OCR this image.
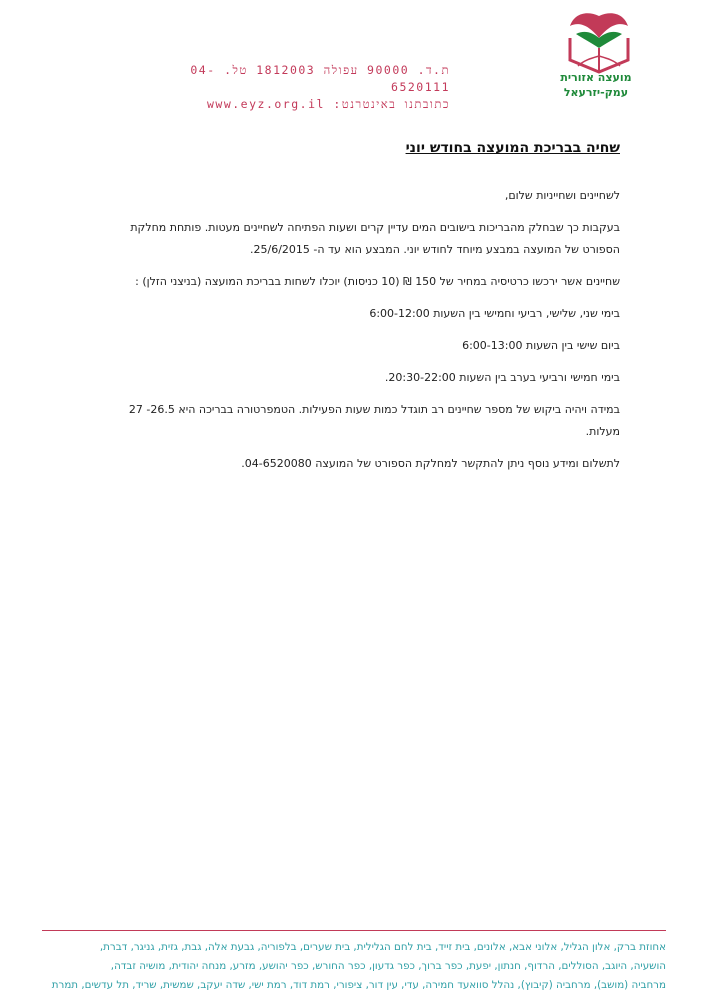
מועצה אזורית
עמק-יזרעאל
ת.ד. 90000 עפולה 1812003 טל. 04-6520111
כתובתנו באינטרנט: www.eyz.org.il
שחיה בבריכת המועצה בחודש יוני

לשחיינים ושחייניות שלום,

בעקבות כך שבחלק מהבריכות בישובים המים עדיין קרים ושעות הפתיחה לשחיינים מעטות. פותחת מחלקת הספורט של המועצה במבצע מיוחד לחודש יוני. המבצע הוא עד ה- 25/6/2015.

שחיינים אשר ירכשו כרטיסיה במחיר של 150 ₪ (10 כניסות) יוכלו לשחות בבריכת המועצה (בניצני הזלן) :

בימי שני, שלישי, רביעי וחמישי בין השעות 6:00-12:00

ביום שישי בין השעות 6:00-13:00

בימי חמישי ורביעי בערב בין השעות 20:30-22:00.

במידה ויהיה ביקוש של מספר שחיינים רב תוגדל כמות שעות הפעילות. הטמפרטורה בבריכה היא 26.5- 27 מעלות.

לתשלום ומידע נוסף ניתן להתקשר למחלקת הספורט של המועצה 04-6520080.

אחוזת ברק, אלון הגליל, אלוני אבא, אלונים, בית זייד, בית לחם הגלילית, בית שערים, בלפוריה, גבעת אלה, גבת, גזית, גניגר, דברת,
הושעיה, היוגב, הסוללים, הרדוף, חנתון, יפעת, כפר ברוך, כפר גדעון, כפר החורש, כפר יהושע, מזרע, מנחה יהודית, מושיה זבדה,
מרחביה (מושב), מרחביה (קיבוץ), נהלל סוואעד חמירה, עדי, עין דור, ציפורי, רמת דוד, רמת ישי, שדה יעקב, שמשית, שריד, תל עדשים, תמרת
